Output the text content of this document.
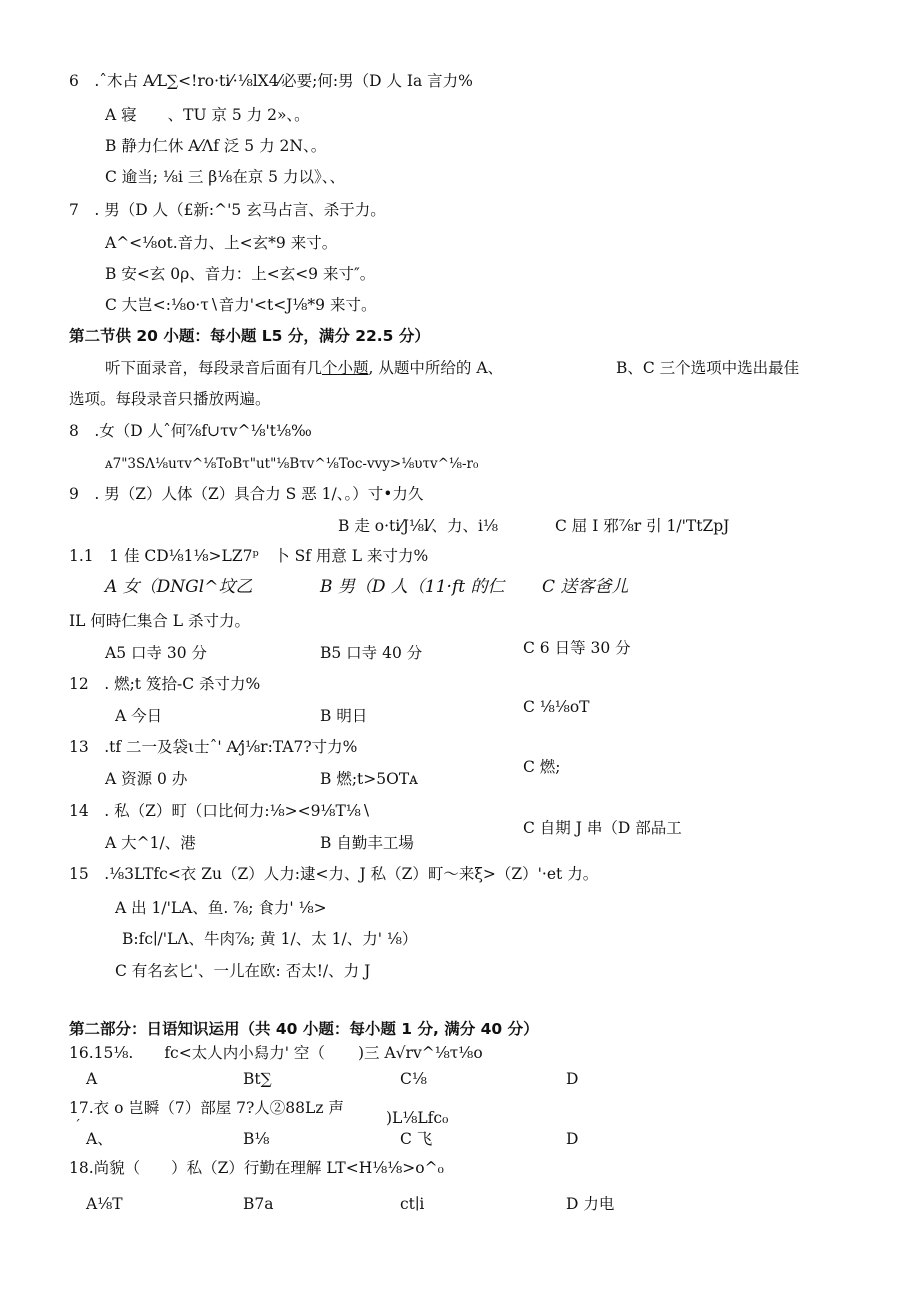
6　.ˆ木占 A⁄L∑<!ro·ti⁄·⅛lX4⁄必要;何:男（D 人 Ia 言力%
A 寝　　、TU 京 5 力 2»、。
B 静力仁休 A⁄Λf 泛 5 力 2N、。
C 逾当; ⅛i 三 β⅛在京 5 力以》、、
7　. 男（D 人（£新:^'5 玄马占言、杀于力。
A^<⅛ot.音力、上<玄*9 来寸。
B 安<玄 0ρ、音力：上<玄<9 来寸″。
C 大岂<:⅛o·τ∖音力'<t<J⅛*9 来寸。
第二节供 20 小题：每小题 L5 分，满分 22.5 分）
听下面录音，每段录音后面有几个小题, 从题中所给的 A、	B、C 三个选项中选出最佳
选项。每段录音只播放两遍。
8　.女（D 人ˆ何⅞f∪τv^⅛'t⅛‰
ᴀ7"3SΛ⅛uτv^⅛ToBτ"ut"⅛Bτv^⅛Toc-vvy>⅛υτv^⅛-r₀
9　. 男（Z）人体（Z）具合力 S 恶 1/、。）寸•力久
B 走 o·ti⁄J⅛l⁄、力、i⅛	C 屈 I 邪⅞r 引 1/'TtZpJ
1.1　1 佳 CD⅛1⅛>LZ7ᵖ　卜 Sf 用意 L 来寸力%
A 女（DNGl^坟乙	B 男（D 人（11·ft 的仁 C 送客爸儿
IL 何時仁集合 L 杀寸力。
A5 口寺 30 分	B5 口寺 40 分	C 6 日等 30 分
12　. 燃;t 笈拾-C 杀寸力%
A 今日	B 明日	C ⅛⅛oT
13　.tf 二一及袋ι士ˆ' A⁄j⅛r:TA7?寸力%
A 资源 0 办	B 燃;t>5OTᴀ
C 燃;
14　. 私（Z）町（口比何力:⅛><9⅛T⅛∖
A 大^1/、港	B 自勤丰工場
C 自期 J 串（D 部品工
15　.⅛3LTfc<衣 Zu（Z）人力:逮<力、J 私（Z）町～来ξ>（Z）'·et 力。
A 出 1/'LA、鱼. ⅞; 食力' ⅛>
B:fc∣/'LΛ、牛肉⅞; 黄 1/、太 1/、力' ⅛）
C 有名玄匕'、一儿在欧: 否太!/、力 J
第二部分：日语知识运用（共 40 小题：每小题 1 分, 满分 40 分）
16.15⅛.　　fc<太人内小舄力' 空（ )三 A√rv^⅛τ⅛o
A	Bt∑	C⅛	D
17.衣 o 岂瞬（7）部屋 7?人②88Lz 声
)L⅛Lfc₀
ˊ
A、	B⅛	C 飞	D
18.尚貌（　　）私（Z）行勤在理解 LT<H⅛⅛>o^₀
A⅛T	B7a	ct∣i	D 力电
